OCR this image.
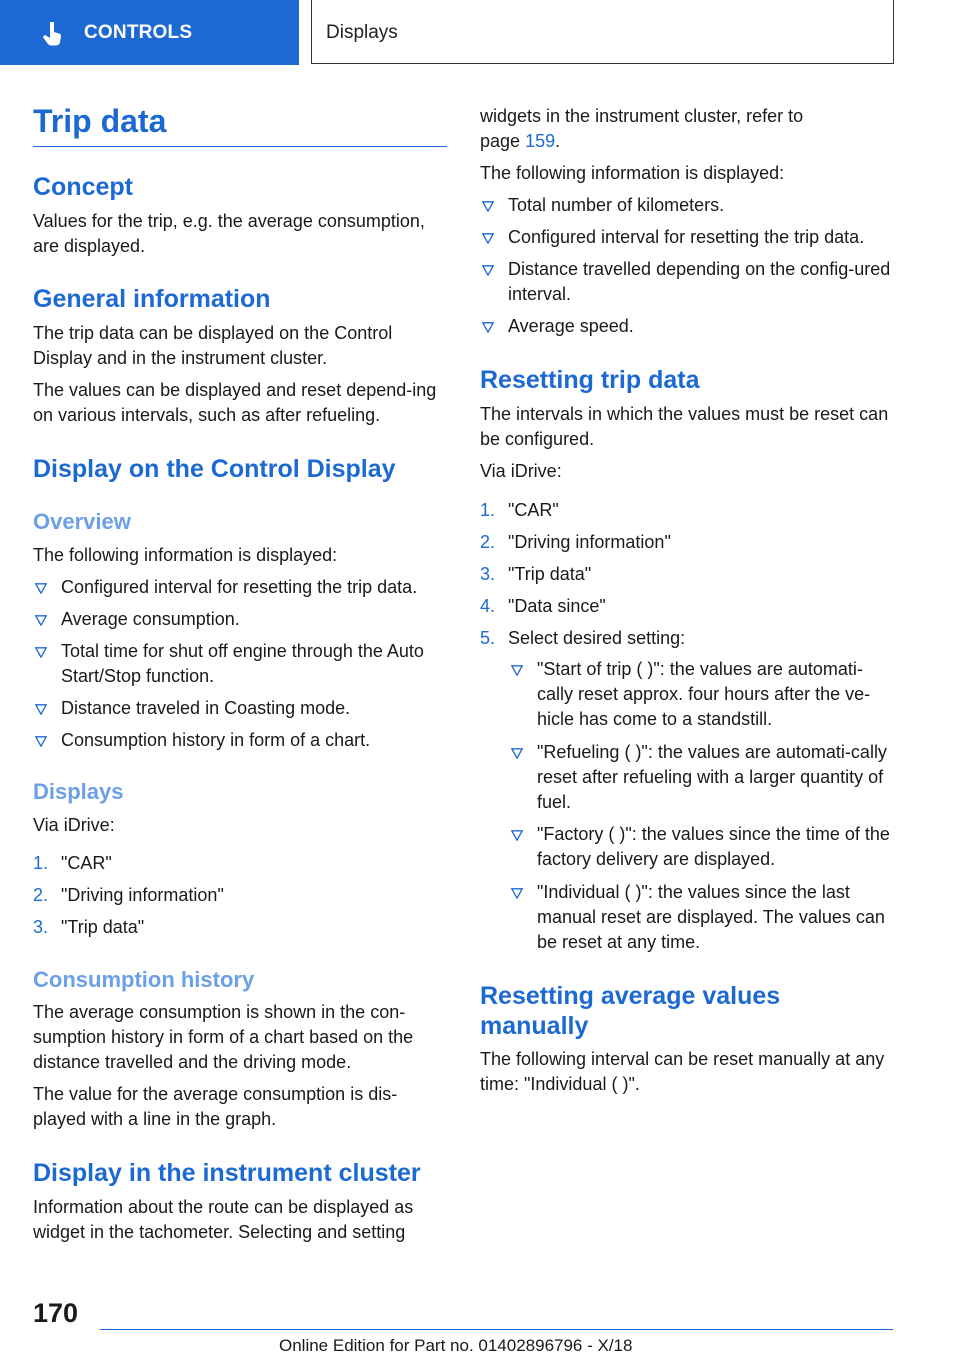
CONTROLS	Displays
Trip data
Concept
Values for the trip, e.g. the average consumption, are displayed.
General information
The trip data can be displayed on the Control Display and in the instrument cluster.
The values can be displayed and reset depend-ing on various intervals, such as after refueling.
Display on the Control Display
Overview
The following information is displayed:
Configured interval for resetting the trip data.
Average consumption.
Total time for shut off engine through the Auto Start/Stop function.
Distance traveled in Coasting mode.
Consumption history in form of a chart.
Displays
Via iDrive:
1. "CAR"
2. "Driving information"
3. "Trip data"
Consumption history
The average consumption is shown in the con-sumption history in form of a chart based on the distance travelled and the driving mode.
The value for the average consumption is dis-played with a line in the graph.
Display in the instrument cluster
Information about the route can be displayed as widget in the tachometer. Selecting and setting
widgets in the instrument cluster, refer to
page 159.
The following information is displayed:
Total number of kilometers.
Configured interval for resetting the trip data.
Distance travelled depending on the config-ured interval.
Average speed.
Resetting trip data
The intervals in which the values must be reset can be configured.
Via iDrive:
1. "CAR"
2. "Driving information"
3. "Trip data"
4. "Data since"
5. Select desired setting:
"Start of trip ( )": the values are automati-cally reset approx. four hours after the ve-hicle has come to a standstill.
"Refueling ( )": the values are automati-cally reset after refueling with a larger quantity of fuel.
"Factory ( )": the values since the time of the factory delivery are displayed.
"Individual ( )": the values since the last manual reset are displayed. The values can be reset at any time.
Resetting average values manually
The following interval can be reset manually at any time: "Individual ( )".
170
Online Edition for Part no. 01402896796 - X/18
